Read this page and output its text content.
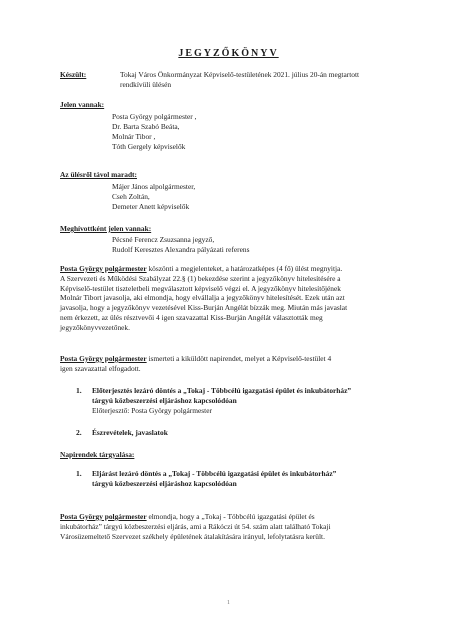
JEGYZŐKÖNYV
Készült:	Tokaj Város Önkormányzat Képviselő-testületének 2021. július 20-án megtartott
rendkívüli ülésén
Jelen vannak:
Posta György polgármester ,
Dr. Barta Szabó Beáta,
Molnár Tibor ,
Tóth Gergely képviselők
Az ülésről távol maradt:
Májer János alpolgármester,
Cseh Zoltán,
Demeter Anett képviselők
Meghívottként jelen vannak:
Pécsné Ferencz Zsuzsanna jegyző,
Rudolf Keresztes Alexandra pályázati referens
Posta György polgármester köszönti a megjelenteket, a határozatképes (4 fő) ülést megnyitja.
A Szervezeti és Működési Szabályzat 22.§ (1) bekezdése szerint a jegyzőkönyv hitelesítésére a
Képviselő-testület tiszteletbeli megválasztott képviselő végzi el. A jegyzőkönyv hitelesítőjének
Molnár Tibort javasolja, aki elmondja, hogy elvállalja a jegyzőkönyv hitelesítését. Ezek után azt
javasolja, hogy a jegyzőkönyv vezetésével Kiss-Burján Angélát bízzák meg. Miután más javaslat
nem érkezett, az ülés résztvevői 4 igen szavazattal Kiss-Burján Angélát választották meg
jegyzőkönyvvezetőnek.
Posta György polgármester ismerteti a kiküldött napirendet, melyet a Képviselő-testület 4
igen szavazattal elfogadott.
1. Előterjesztés lezáró döntés a „Tokaj - Többcélú igazgatási épület és inkubátorház”
tárgyú közbeszerzési eljáráshoz kapcsolódóan
Előterjesztő: Posta György polgármester
2. Észrevételek, javaslatok
Napirendek tárgyalása:
1. Eljárást lezáró döntés a „Tokaj - Többcélú igazgatási épület és inkubátorház”
tárgyú közbeszerzési eljáráshoz kapcsolódóan
Posta György polgármester elmondja, hogy a „Tokaj - Többcélú igazgatási épület és
inkubátorház” tárgyú közbeszerzési eljárás, ami a Rákóczi út 54. szám alatt található Tokaji
Városüzemeltető Szervezet székhely épületének átalakítására irányul, lefolytatásra került.
1
